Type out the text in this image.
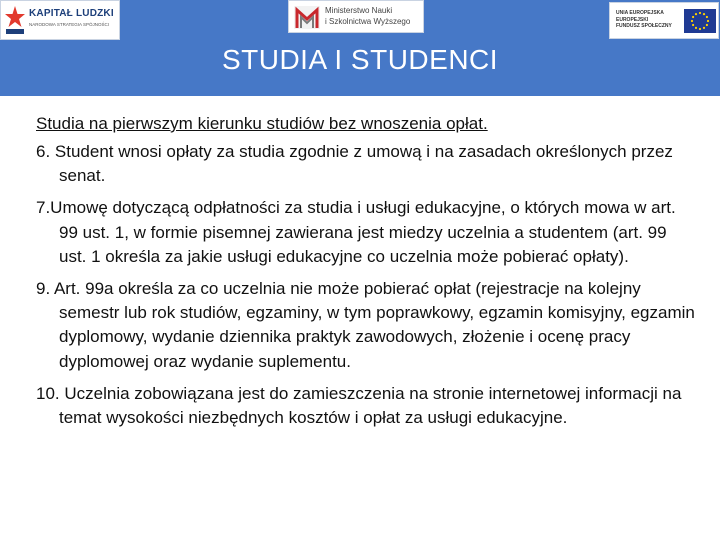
KAPITAŁ LUDZKI
NARODOWA STRATEGIA SPÓJNOŚCI
Ministerstwo Nauki
i Szkolnictwa Wyższego
UNIA EUROPEJSKA
EUROPEJSKI
FUNDUSZ SPOŁECZNY
STUDIA I STUDENCI
Studia na pierwszym kierunku studiów bez wnoszenia opłat.
6. Student wnosi opłaty za studia zgodnie z umową i na zasadach określonych przez senat.
7.Umowę dotyczącą odpłatności za studia i usługi edukacyjne, o których mowa w art. 99 ust. 1, w formie pisemnej zawierana jest miedzy uczelnia a studentem (art. 99 ust. 1 określa za jakie usługi edukacyjne co uczelnia może pobierać opłaty).
9. Art. 99a określa za co uczelnia nie może pobierać opłat (rejestracje na kolejny semestr lub rok studiów, egzaminy, w tym poprawkowy, egzamin komisyjny, egzamin dyplomowy, wydanie dziennika praktyk zawodowych, złożenie i ocenę pracy dyplomowej oraz wydanie suplementu.
10. Uczelnia zobowiązana jest do zamieszczenia na stronie internetowej informacji na temat wysokości niezbędnych kosztów i opłat za usługi edukacyjne.
